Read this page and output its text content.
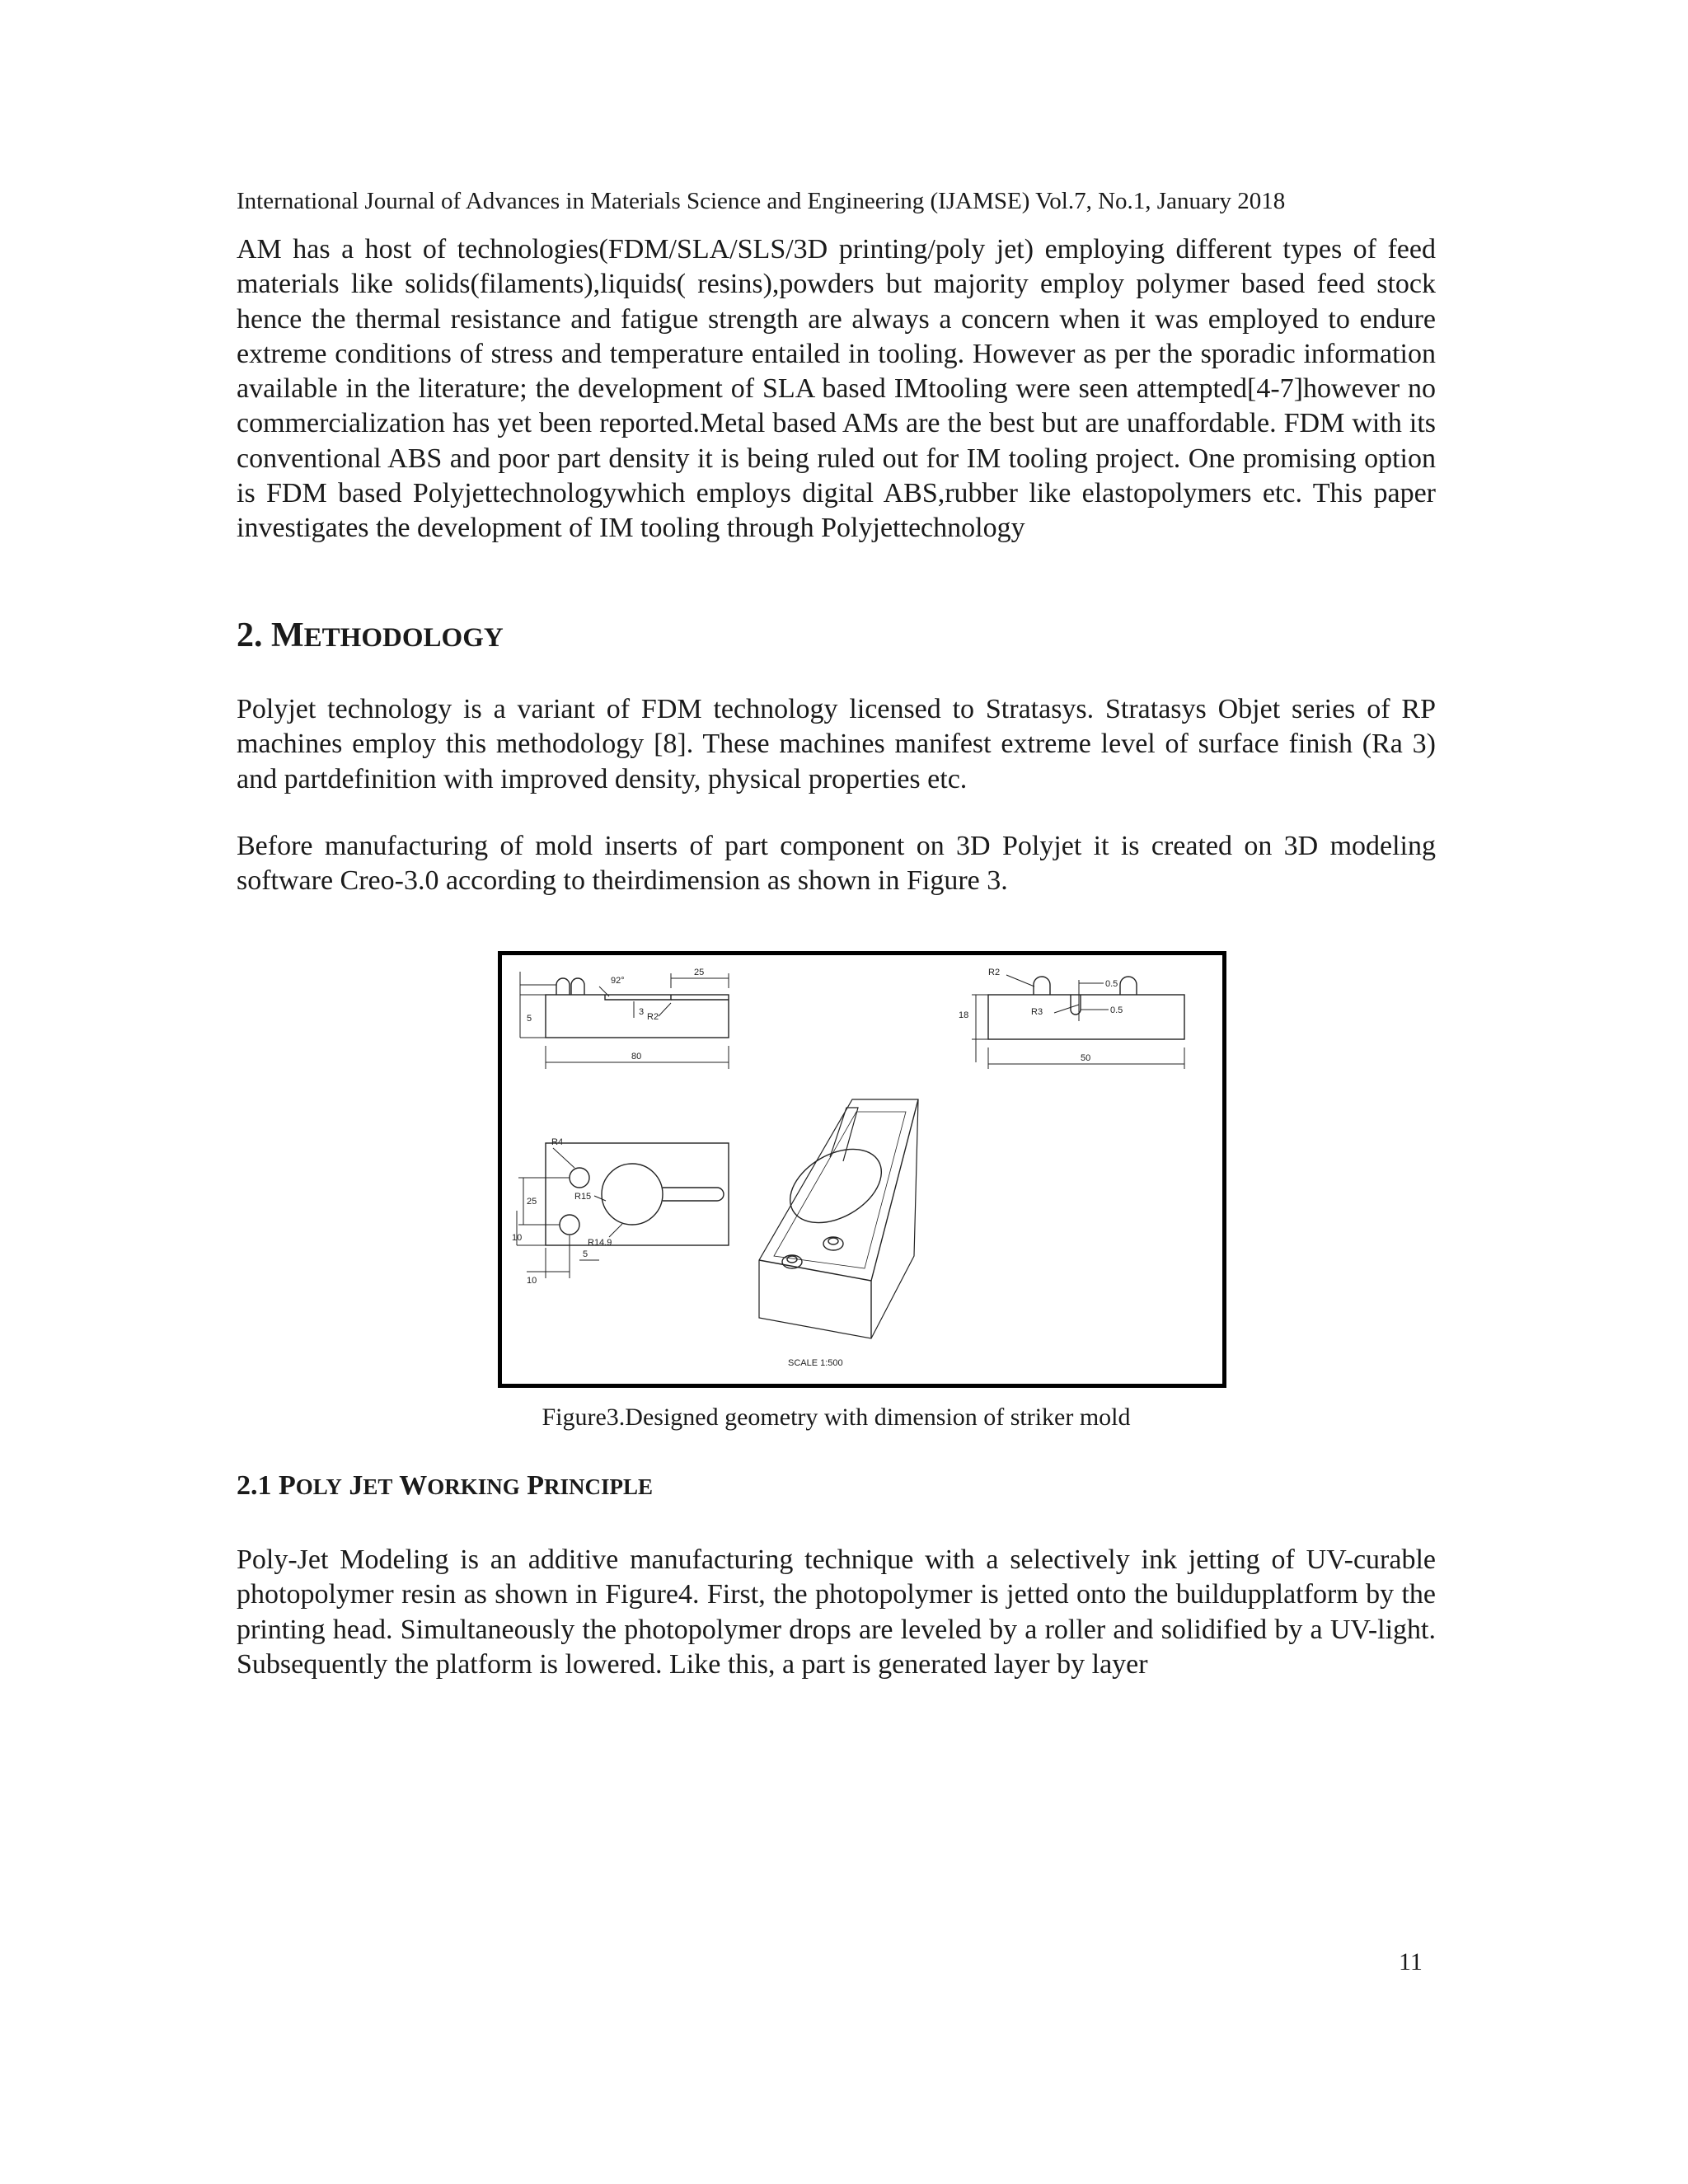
International Journal of Advances in Materials Science and Engineering (IJAMSE) Vol.7, No.1, January 2018

AM has a host of technologies(FDM/SLA/SLS/3D printing/poly jet) employing different types of feed materials like solids(filaments),liquids( resins),powders but majority employ polymer based feed stock hence the thermal resistance and fatigue strength are always a concern when it was employed to endure extreme conditions of stress and temperature entailed in tooling. However as per the sporadic information available in the literature; the development of SLA based IMtooling were seen attempted[4-7]however no commercialization has yet been reported.Metal based AMs are the best but are unaffordable. FDM with its conventional ABS and poor part density it is being ruled out for IM tooling project. One promising option is FDM based Polyjettechnologywhich employs digital ABS,rubber like elastopolymers etc. This paper investigates the development of IM tooling through Polyjettechnology

2. METHODOLOGY

Polyjet technology is a variant of FDM technology licensed to Stratasys. Stratasys Objet series of RP machines employ this methodology [8]. These machines manifest extreme level of surface finish (Ra 3) and partdefinition with improved density, physical properties etc.

Before manufacturing of mold inserts of part component on 3D Polyjet it is created on 3D modeling software Creo-3.0 according to theirdimension as shown in Figure 3.

92°
25
3 R2
5
80
R2
0.5
0.5
R3
18
50
R4
R15
R14.9
25
10
10
5
SCALE 1:500
Figure3.Designed geometry with dimension of striker mold
2.1 POLY JET WORKING PRINCIPLE

Poly-Jet Modeling is an additive manufacturing technique with a selectively ink jetting of UV-curable photopolymer resin as shown in Figure4. First, the photopolymer is jetted onto the buildupplatform by the printing head. Simultaneously the photopolymer drops are leveled by a roller and solidified by a UV-light. Subsequently the platform is lowered. Like this, a part is generated layer by layer

11
